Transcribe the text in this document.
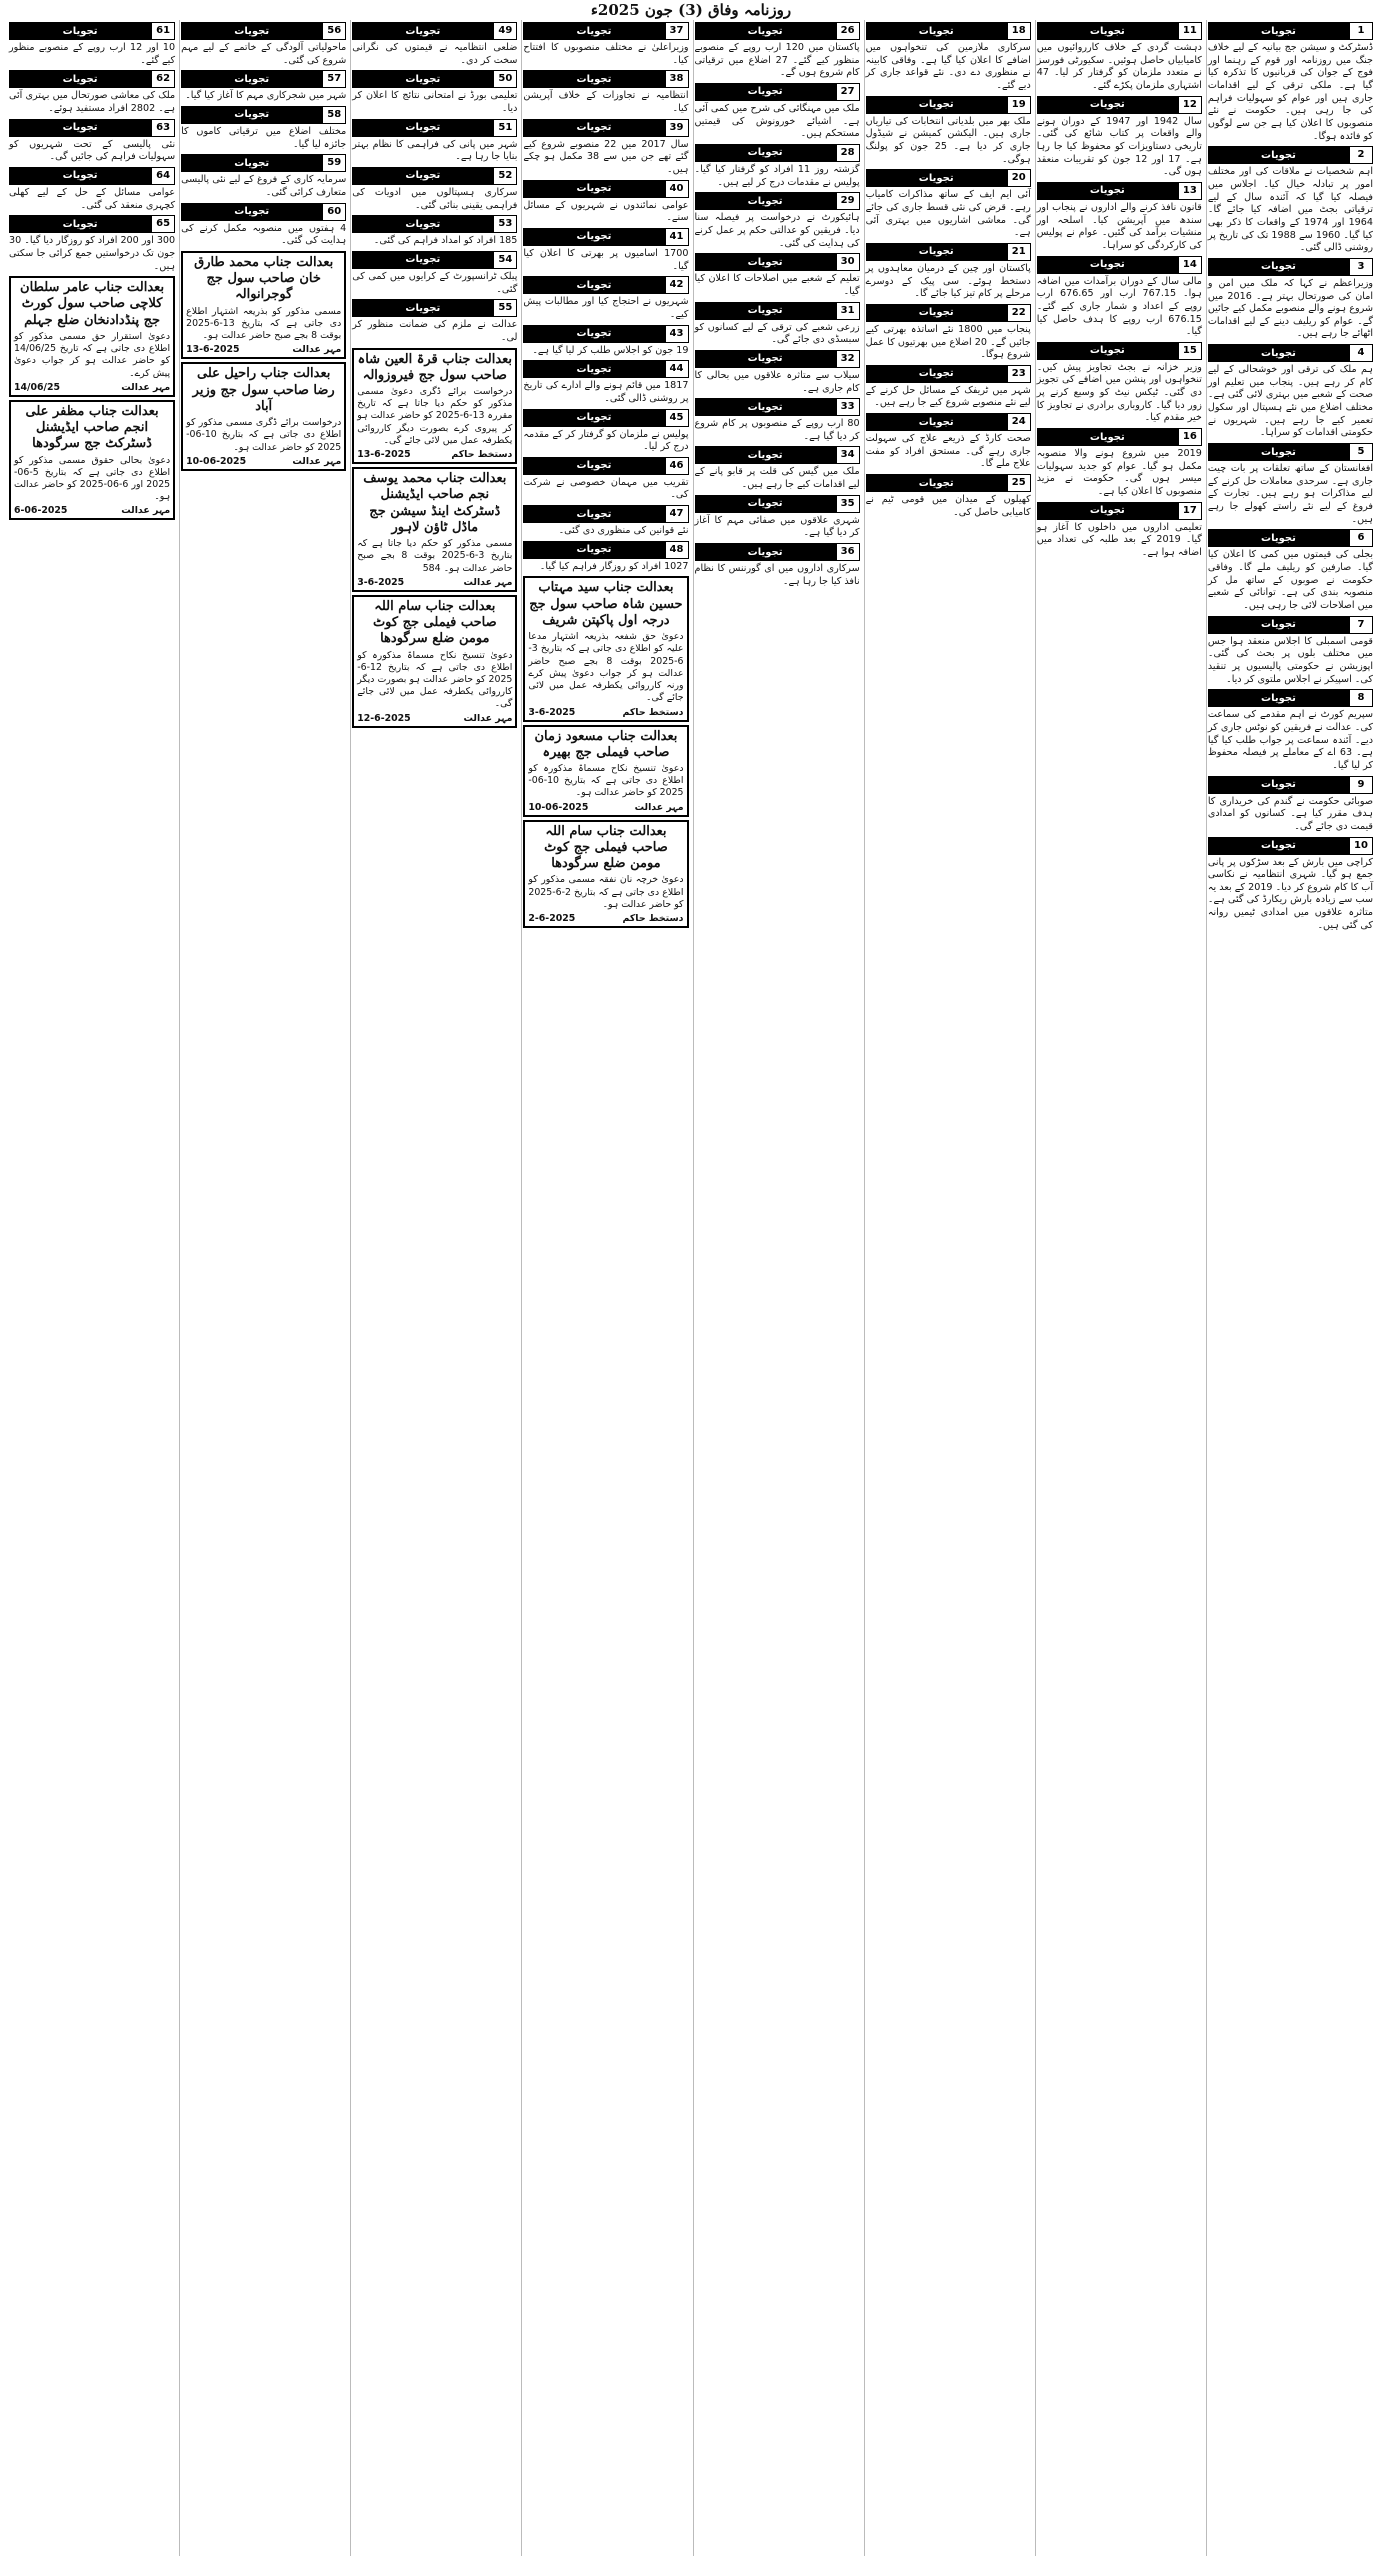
روزنامہ وفاق (3) جون 2025ء
1
تجویات
ڈسٹرکٹ و سیشن جج بیانیہ کے لیے خلاف جنگ میں روزنامہ اور قوم کے رہنما اور فوج کے جوان کی قربانیوں کا تذکرہ کیا گیا ہے۔ ملکی ترقی کے لیے اقدامات جاری ہیں اور عوام کو سہولیات فراہم کی جا رہی ہیں۔ حکومت نے نئے منصوبوں کا اعلان کیا ہے جن سے لوگوں کو فائدہ ہوگا۔
2
تجویات
اہم شخصیات نے ملاقات کی اور مختلف امور پر تبادلہ خیال کیا۔ اجلاس میں فیصلہ کیا گیا کہ آئندہ سال کے لیے ترقیاتی بجٹ میں اضافہ کیا جائے گا۔ 1964 اور 1974 کے واقعات کا ذکر بھی کیا گیا۔ 1960 سے 1988 تک کی تاریخ پر روشنی ڈالی گئی۔
3
تجویات
وزیراعظم نے کہا کہ ملک میں امن و امان کی صورتحال بہتر ہے۔ 2016 میں شروع ہونے والے منصوبے مکمل کیے جائیں گے۔ عوام کو ریلیف دینے کے لیے اقدامات اٹھائے جا رہے ہیں۔
4
تجویات
ہم ملک کی ترقی اور خوشحالی کے لیے کام کر رہے ہیں۔ پنجاب میں تعلیم اور صحت کے شعبے میں بہتری لائی گئی ہے۔ مختلف اضلاع میں نئے ہسپتال اور سکول تعمیر کیے جا رہے ہیں۔ شہریوں نے حکومتی اقدامات کو سراہا۔
5
تجویات
افغانستان کے ساتھ تعلقات پر بات چیت جاری ہے۔ سرحدی معاملات حل کرنے کے لیے مذاکرات ہو رہے ہیں۔ تجارت کے فروغ کے لیے نئے راستے کھولے جا رہے ہیں۔
6
تجویات
بجلی کی قیمتوں میں کمی کا اعلان کیا گیا۔ صارفین کو ریلیف ملے گا۔ وفاقی حکومت نے صوبوں کے ساتھ مل کر منصوبہ بندی کی ہے۔ توانائی کے شعبے میں اصلاحات لائی جا رہی ہیں۔
7
تجویات
قومی اسمبلی کا اجلاس منعقد ہوا جس میں مختلف بلوں پر بحث کی گئی۔ اپوزیشن نے حکومتی پالیسیوں پر تنقید کی۔ اسپیکر نے اجلاس ملتوی کر دیا۔
8
تجویات
سپریم کورٹ نے اہم مقدمے کی سماعت کی۔ عدالت نے فریقین کو نوٹس جاری کر دیے۔ آئندہ سماعت پر جواب طلب کیا گیا ہے۔ 63 اے کے معاملے پر فیصلہ محفوظ کر لیا گیا۔
9
تجویات
صوبائی حکومت نے گندم کی خریداری کا ہدف مقرر کیا ہے۔ کسانوں کو امدادی قیمت دی جائے گی۔
10
تجویات
کراچی میں بارش کے بعد سڑکوں پر پانی جمع ہو گیا۔ شہری انتظامیہ نے نکاسی آب کا کام شروع کر دیا۔ 2019 کے بعد یہ سب سے زیادہ بارش ریکارڈ کی گئی ہے۔ متاثرہ علاقوں میں امدادی ٹیمیں روانہ کی گئی ہیں۔
11
تجویات
دہشت گردی کے خلاف کارروائیوں میں کامیابیاں حاصل ہوئیں۔ سکیورٹی فورسز نے متعدد ملزمان کو گرفتار کر لیا۔ 47 اشتہاری ملزمان پکڑے گئے۔
12
تجویات
سال 1942 اور 1947 کے دوران ہونے والے واقعات پر کتاب شائع کی گئی۔ تاریخی دستاویزات کو محفوظ کیا جا رہا ہے۔ 17 اور 12 جون کو تقریبات منعقد ہوں گی۔
13
تجویات
قانون نافذ کرنے والے اداروں نے پنجاب اور سندھ میں آپریشن کیا۔ اسلحہ اور منشیات برآمد کی گئیں۔ عوام نے پولیس کی کارکردگی کو سراہا۔
14
تجویات
مالی سال کے دوران برآمدات میں اضافہ ہوا۔ 767.15 ارب اور 676.65 ارب روپے کے اعداد و شمار جاری کیے گئے۔ 676.15 ارب روپے کا ہدف حاصل کیا گیا۔
15
تجویات
وزیر خزانہ نے بجٹ تجاویز پیش کیں۔ تنخواہوں اور پنشن میں اضافے کی تجویز دی گئی۔ ٹیکس نیٹ کو وسیع کرنے پر زور دیا گیا۔ کاروباری برادری نے تجاویز کا خیر مقدم کیا۔
16
تجویات
2019 میں شروع ہونے والا منصوبہ مکمل ہو گیا۔ عوام کو جدید سہولیات میسر ہوں گی۔ حکومت نے مزید منصوبوں کا اعلان کیا ہے۔
17
تجویات
تعلیمی اداروں میں داخلوں کا آغاز ہو گیا۔ 2019 کے بعد طلبہ کی تعداد میں اضافہ ہوا ہے۔
18
تجویات
سرکاری ملازمین کی تنخواہوں میں اضافے کا اعلان کیا گیا ہے۔ وفاقی کابینہ نے منظوری دے دی۔ نئے قواعد جاری کر دیے گئے۔
19
تجویات
ملک بھر میں بلدیاتی انتخابات کی تیاریاں جاری ہیں۔ الیکشن کمیشن نے شیڈول جاری کر دیا ہے۔ 25 جون کو پولنگ ہوگی۔
20
تجویات
آئی ایم ایف کے ساتھ مذاکرات کامیاب رہے۔ قرض کی نئی قسط جاری کی جائے گی۔ معاشی اشاریوں میں بہتری آئی ہے۔
21
تجویات
پاکستان اور چین کے درمیان معاہدوں پر دستخط ہوئے۔ سی پیک کے دوسرے مرحلے پر کام تیز کیا جائے گا۔
22
تجویات
پنجاب میں 1800 نئے اساتذہ بھرتی کیے جائیں گے۔ 20 اضلاع میں بھرتیوں کا عمل شروع ہوگا۔
23
تجویات
شہر میں ٹریفک کے مسائل حل کرنے کے لیے نئے منصوبے شروع کیے جا رہے ہیں۔
24
تجویات
صحت کارڈ کے ذریعے علاج کی سہولت جاری رہے گی۔ مستحق افراد کو مفت علاج ملے گا۔
25
تجویات
کھیلوں کے میدان میں قومی ٹیم نے کامیابی حاصل کی۔
26
تجویات
پاکستان میں 120 ارب روپے کے منصوبے منظور کیے گئے۔ 27 اضلاع میں ترقیاتی کام شروع ہوں گے۔
27
تجویات
ملک میں مہنگائی کی شرح میں کمی آئی ہے۔ اشیائے خورونوش کی قیمتیں مستحکم ہیں۔
28
تجویات
گزشتہ روز 11 افراد کو گرفتار کیا گیا۔ پولیس نے مقدمات درج کر لیے ہیں۔
29
تجویات
ہائیکورٹ نے درخواست پر فیصلہ سنا دیا۔ فریقین کو عدالتی حکم پر عمل کرنے کی ہدایت کی گئی۔
30
تجویات
تعلیم کے شعبے میں اصلاحات کا اعلان کیا گیا۔
31
تجویات
زرعی شعبے کی ترقی کے لیے کسانوں کو سبسڈی دی جائے گی۔
32
تجویات
سیلاب سے متاثرہ علاقوں میں بحالی کا کام جاری ہے۔
33
تجویات
80 ارب روپے کے منصوبوں پر کام شروع کر دیا گیا ہے۔
34
تجویات
ملک میں گیس کی قلت پر قابو پانے کے لیے اقدامات کیے جا رہے ہیں۔
35
تجویات
شہری علاقوں میں صفائی مہم کا آغاز کر دیا گیا ہے۔
36
تجویات
سرکاری اداروں میں ای گورننس کا نظام نافذ کیا جا رہا ہے۔
37
تجویات
وزیراعلیٰ نے مختلف منصوبوں کا افتتاح کیا۔
38
تجویات
انتظامیہ نے تجاوزات کے خلاف آپریشن کیا۔
39
تجویات
سال 2017 میں 22 منصوبے شروع کیے گئے تھے جن میں سے 38 مکمل ہو چکے ہیں۔
40
تجویات
عوامی نمائندوں نے شہریوں کے مسائل سنے۔
41
تجویات
1700 اسامیوں پر بھرتی کا اعلان کیا گیا۔
42
تجویات
شہریوں نے احتجاج کیا اور مطالبات پیش کیے۔
43
تجویات
19 جون کو اجلاس طلب کر لیا گیا ہے۔
44
تجویات
1817 میں قائم ہونے والے ادارے کی تاریخ پر روشنی ڈالی گئی۔
45
تجویات
پولیس نے ملزمان کو گرفتار کر کے مقدمہ درج کر لیا۔
46
تجویات
تقریب میں مہمان خصوصی نے شرکت کی۔
47
تجویات
نئے قوانین کی منظوری دی گئی۔
48
تجویات
1027 افراد کو روزگار فراہم کیا گیا۔
بعدالت جناب سید مہتاب حسین شاہ صاحب سول جج درجہ اول پاکپتن شریف
دعویٰ حق شفعہ بذریعہ اشتہار مدعا علیہ کو اطلاع دی جاتی ہے کہ بتاریخ 3-6-2025 بوقت 8 بجے صبح حاضر عدالت ہو کر جواب دعویٰ پیش کرے ورنہ کارروائی یکطرفہ عمل میں لائی جائے گی۔
دستخط حاکم
3-6-2025
بعدالت جناب مسعود زمان صاحب فیملی جج بھیرہ
دعویٰ تنسیخ نکاح مسماۃ مذکورہ کو اطلاع دی جاتی ہے کہ بتاریخ 10-06-2025 کو حاضر عدالت ہو۔
مہر عدالت
10-06-2025
بعدالت جناب سام اللہ صاحب فیملی جج کوٹ مومن ضلع سرگودھا
دعویٰ خرچہ نان نفقہ مسمی مذکور کو اطلاع دی جاتی ہے کہ بتاریخ 2-6-2025 کو حاضر عدالت ہو۔
دستخط حاکم
2-6-2025
49
تجویات
ضلعی انتظامیہ نے قیمتوں کی نگرانی سخت کر دی۔
50
تجویات
تعلیمی بورڈ نے امتحانی نتائج کا اعلان کر دیا۔
51
تجویات
شہر میں پانی کی فراہمی کا نظام بہتر بنایا جا رہا ہے۔
52
تجویات
سرکاری ہسپتالوں میں ادویات کی فراہمی یقینی بنائی گئی۔
53
تجویات
185 افراد کو امداد فراہم کی گئی۔
54
تجویات
پبلک ٹرانسپورٹ کے کرایوں میں کمی کی گئی۔
55
تجویات
عدالت نے ملزم کی ضمانت منظور کر لی۔
بعدالت جناب قرۃ العین شاہ صاحب سول جج فیروزوالہ
درخواست برائے ڈگری دعویٰ مسمی مذکور کو حکم دیا جاتا ہے کہ تاریخ مقررہ 13-6-2025 کو حاضر عدالت ہو کر پیروی کرے بصورت دیگر کارروائی یکطرفہ عمل میں لائی جائے گی۔
دستخط حاکم
13-6-2025
بعدالت جناب محمد یوسف نجم صاحب ایڈیشنل ڈسٹرکٹ اینڈ سیشن جج ماڈل ٹاؤن لاہور
مسمی مذکور کو حکم دیا جاتا ہے کہ بتاریخ 3-6-2025 بوقت 8 بجے صبح حاضر عدالت ہو۔ 584
مہر عدالت
3-6-2025
بعدالت جناب سام اللہ صاحب فیملی جج کوٹ مومن ضلع سرگودھا
دعویٰ تنسیخ نکاح مسماۃ مذکورہ کو اطلاع دی جاتی ہے کہ بتاریخ 12-6-2025 کو حاضر عدالت ہو بصورت دیگر کارروائی یکطرفہ عمل میں لائی جائے گی۔
مہر عدالت
12-6-2025
56
تجویات
ماحولیاتی آلودگی کے خاتمے کے لیے مہم شروع کی گئی۔
57
تجویات
شہر میں شجرکاری مہم کا آغاز کیا گیا۔
58
تجویات
مختلف اضلاع میں ترقیاتی کاموں کا جائزہ لیا گیا۔
59
تجویات
سرمایہ کاری کے فروغ کے لیے نئی پالیسی متعارف کرائی گئی۔
60
تجویات
4 ہفتوں میں منصوبہ مکمل کرنے کی ہدایت کی گئی۔
بعدالت جناب محمد طارق خان صاحب سول جج گوجرانوالہ
مسمی مذکور کو بذریعہ اشتہار اطلاع دی جاتی ہے کہ بتاریخ 13-6-2025 بوقت 8 بجے صبح حاضر عدالت ہو۔
مہر عدالت
13-6-2025
بعدالت جناب راحیل علی رضا صاحب سول جج وزیر آباد
درخواست برائے ڈگری مسمی مذکور کو اطلاع دی جاتی ہے کہ بتاریخ 10-06-2025 کو حاضر عدالت ہو۔
مہر عدالت
10-06-2025
61
تجویات
10 اور 12 ارب روپے کے منصوبے منظور کیے گئے۔
62
تجویات
ملک کی معاشی صورتحال میں بہتری آئی ہے۔ 2802 افراد مستفید ہوئے۔
63
تجویات
نئی پالیسی کے تحت شہریوں کو سہولیات فراہم کی جائیں گی۔
64
تجویات
عوامی مسائل کے حل کے لیے کھلی کچہری منعقد کی گئی۔
65
تجویات
300 اور 200 افراد کو روزگار دیا گیا۔ 30 جون تک درخواستیں جمع کرائی جا سکتی ہیں۔
بعدالت جناب عامر سلطان کلاچی صاحب سول کورٹ جج پنڈدادنخان ضلع جہلم
دعویٰ استقرار حق مسمی مذکور کو اطلاع دی جاتی ہے کہ تاریخ 14/06/25 کو حاضر عدالت ہو کر جواب دعویٰ پیش کرے۔
مہر عدالت
14/06/25
بعدالت جناب مظفر علی انجم صاحب ایڈیشنل ڈسٹرکٹ جج سرگودھا
دعویٰ بحالی حقوق مسمی مذکور کو اطلاع دی جاتی ہے کہ بتاریخ 5-06-2025 اور 6-06-2025 کو حاضر عدالت ہو۔
مہر عدالت
6-06-2025
